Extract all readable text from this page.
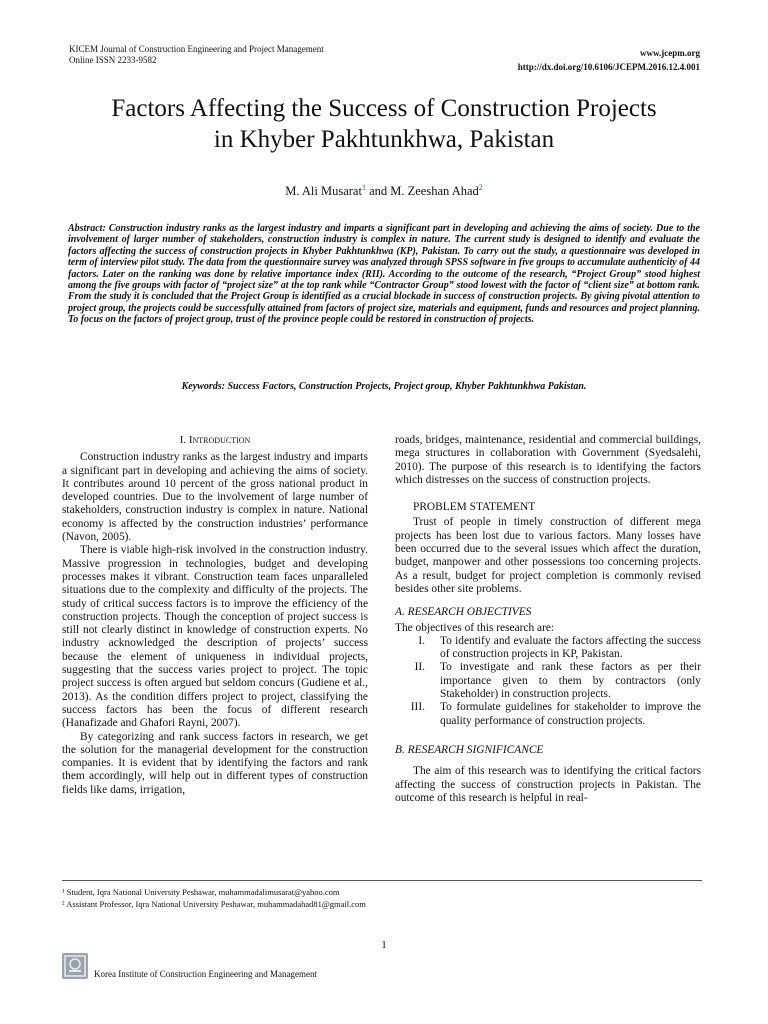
KICEM Journal of Construction Engineering and Project Management
Online ISSN 2233-9582
www.jcepm.org
http://dx.doi.org/10.6106/JCEPM.2016.12.4.001
Factors Affecting the Success of Construction Projects
in Khyber Pakhtunkhwa, Pakistan
M. Ali Musarat$^1$ and M. Zeeshan Ahad$^2$
Abstract: Construction industry ranks as the largest industry and imparts a significant part in developing and achieving the aims of society. Due to the involvement of larger number of stakeholders, construction industry is complex in nature. The current study is designed to identify and evaluate the factors affecting the success of construction projects in Khyber Pakhtunkhwa (KP), Pakistan. To carry out the study, a questionnaire was developed in term of interview pilot study. The data from the questionnaire survey was analyzed through SPSS software in five groups to accumulate authenticity of 44 factors. Later on the ranking was done by relative importance index (RII). According to the outcome of the research, “Project Group” stood highest among the five groups with factor of “project size” at the top rank while “Contractor Group” stood lowest with the factor of “client size” at bottom rank. From the study it is concluded that the Project Group is identified as a crucial blockade in success of construction projects. By giving pivotal attention to project group, the projects could be successfully attained from factors of project size, materials and equipment, funds and resources and project planning. To focus on the factors of project group, trust of the province people could be restored in construction of projects.
Keywords: Success Factors, Construction Projects, Project group, Khyber Pakhtunkhwa Pakistan.
I. Introduction

Construction industry ranks as the largest industry and imparts a significant part in developing and achieving the aims of society. It contributes around 10 percent of the gross national product in developed countries. Due to the involvement of large number of stakeholders, construction industry is complex in nature. National economy is affected by the construction industries’ performance (Navon, 2005).

There is viable high-risk involved in the construction industry. Massive progression in technologies, budget and developing processes makes it vibrant. Construction team faces unparalleled situations due to the complexity and difficulty of the projects. The study of critical success factors is to improve the efficiency of the construction projects. Though the conception of project success is still not clearly distinct in knowledge of construction experts. No industry acknowledged the description of projects’ success because the element of uniqueness in individual projects, suggesting that the success varies project to project. The topic project success is often argued but seldom concurs (Gudiene et al., 2013). As the condition differs project to project, classifying the success factors has been the focus of different research (Hanafizade and Ghafori Rayni, 2007).

By categorizing and rank success factors in research, we get the solution for the managerial development for the construction companies. It is evident that by identifying the factors and rank them accordingly, will help out in different types of construction fields like dams, irrigation,

roads, bridges, maintenance, residential and commercial buildings, mega structures in collaboration with Government (Syedsalehi, 2010). The purpose of this research is to identifying the factors which distresses on the success of construction projects.

PROBLEM STATEMENT

Trust of people in timely construction of different mega projects has been lost due to various factors. Many losses have been occurred due to the several issues which affect the duration, budget, manpower and other possessions too concerning projects. As a result, budget for project completion is commonly revised besides other site problems.

A. RESEARCH OBJECTIVES
The objectives of this research are:
I. To identify and evaluate the factors affecting the success of construction projects in KP, Pakistan.
II. To investigate and rank these factors as per their importance given to them by contractors (only Stakeholder) in construction projects.
III. To formulate guidelines for stakeholder to improve the quality performance of construction projects.
B. RESEARCH SIGNIFICANCE

The aim of this research was to identifying the critical factors affecting the success of construction projects in Pakistan. The outcome of this research is helpful in real-

¹ Student, Iqra National University Peshawar, muhammadalimusarat@yahoo.com
² Assistant Professor, Iqra National University Peshawar, muhammadahad81@gmail.com
1
Korea Institute of Construction Engineering and Management
